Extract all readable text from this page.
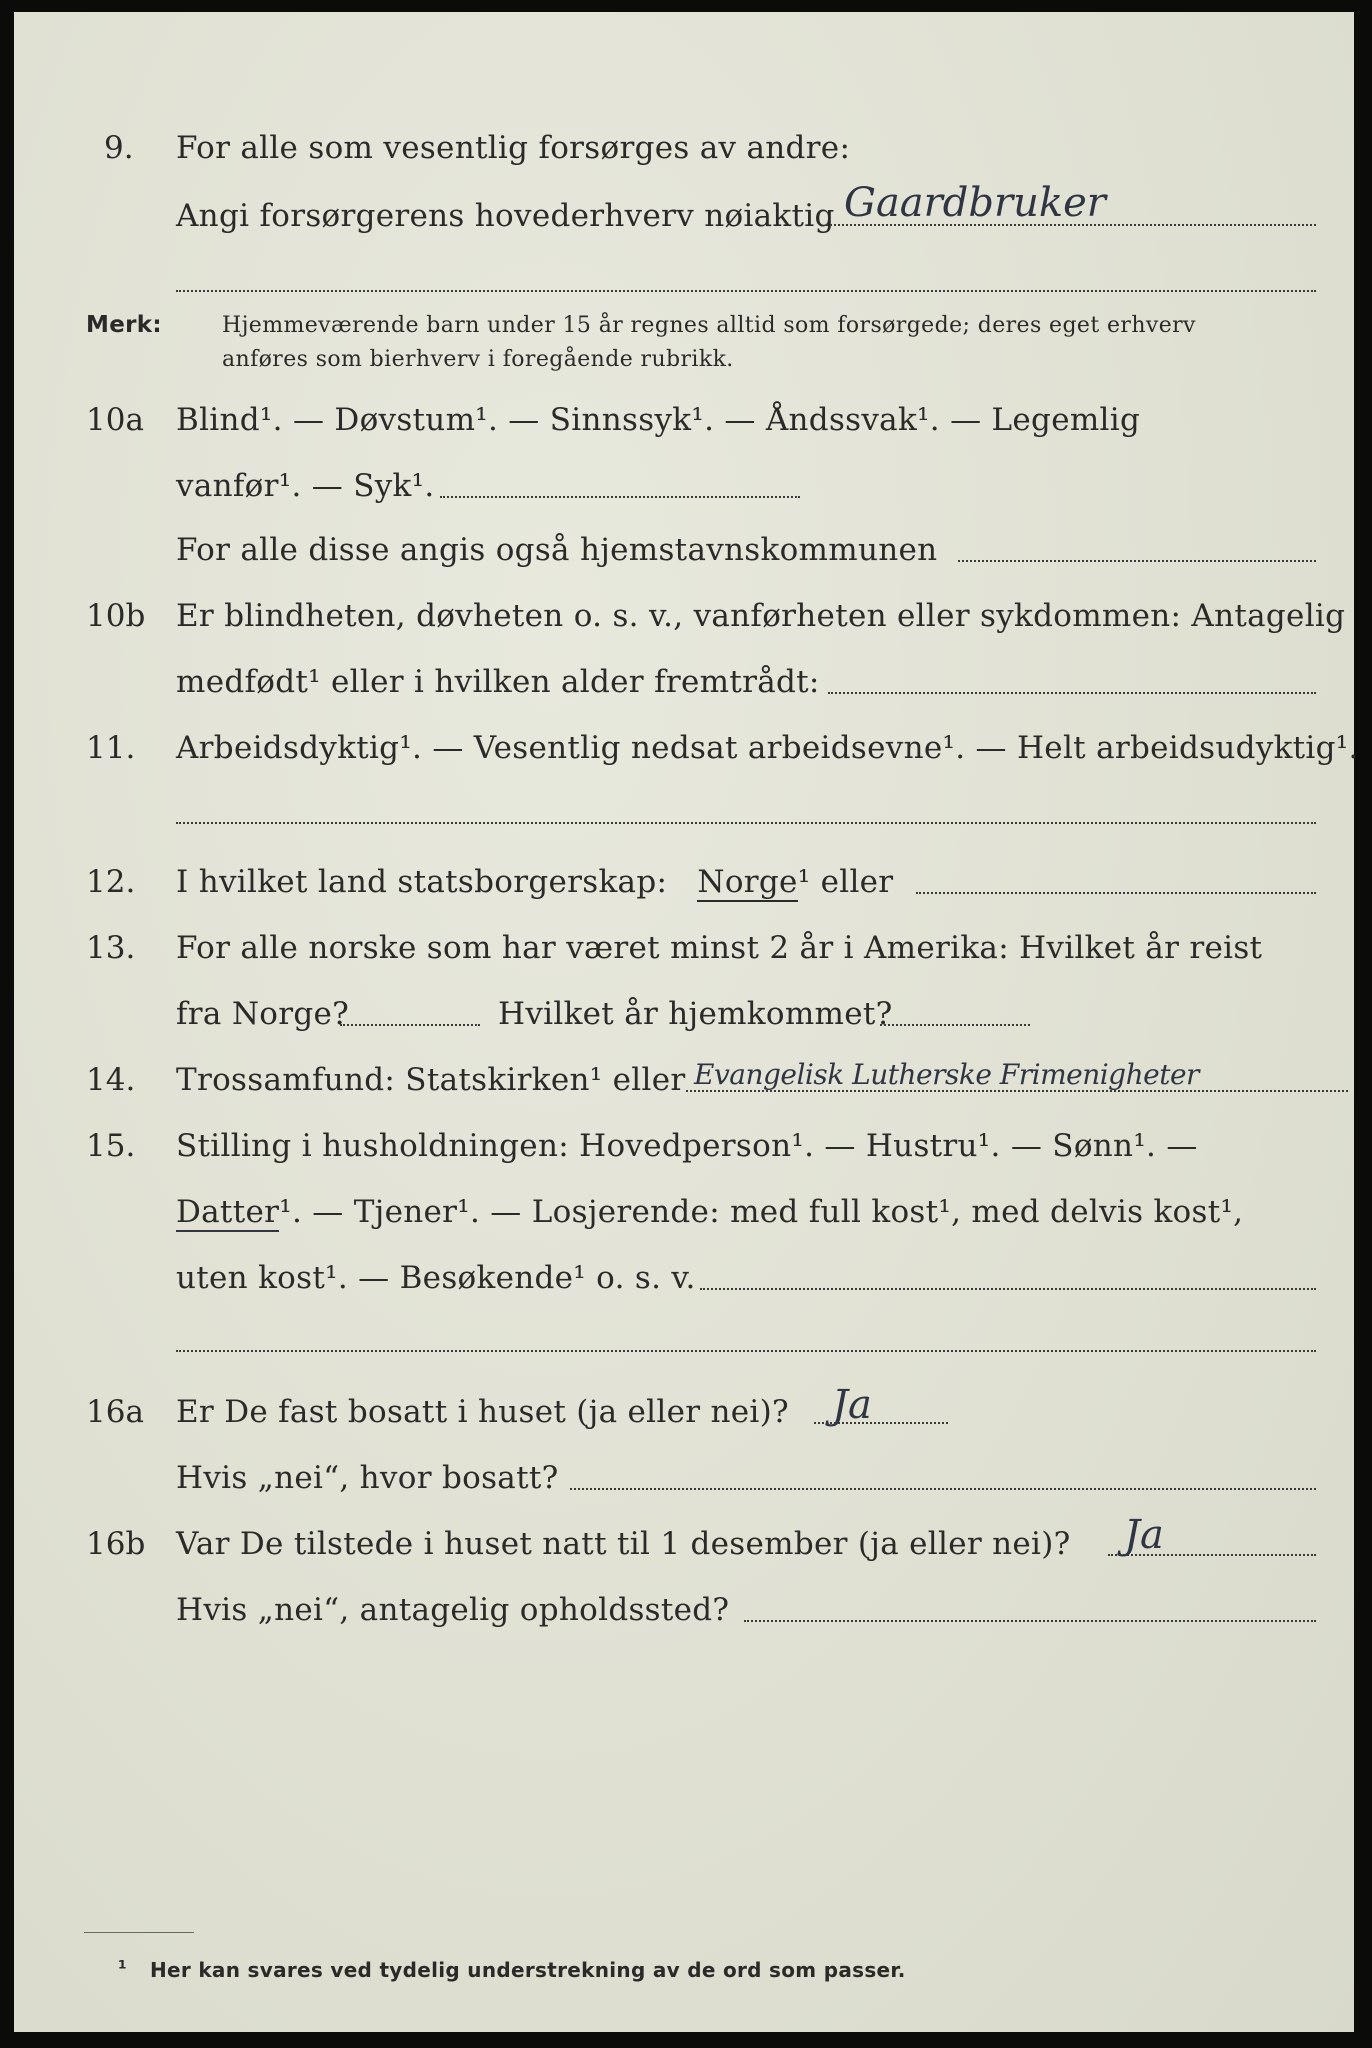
9. For alle som vesentlig forsørges av andre:
Angi forsørgerens hovederhverv nøiaktig Gaardbruker
Merk:	Hjemmeværende barn under 15 år regnes alltid som forsørgede; deres eget erhverv
anføres som bierhverv i foregående rubrikk.
10a Blind¹. — Døvstum¹. — Sinnssyk¹. — Åndssvak¹. — Legemlig
vanfør¹. — Syk¹.
For alle disse angis også hjemstavnskommunen
10b Er blindheten, døvheten o. s. v., vanførheten eller sykdommen: Antagelig
medfødt¹ eller i hvilken alder fremtrådt:
11. Arbeidsdyktig¹. — Vesentlig nedsat arbeidsevne¹. — Helt arbeidsudyktig¹.
12. I hvilket land statsborgerskap: Norge¹ eller
13. For alle norske som har været minst 2 år i Amerika: Hvilket år reist
fra Norge?	Hvilket år hjemkommet?
14. Trossamfund: Statskirken¹ eller Evangelisk Lutherske Frimenigheter
15. Stilling i husholdningen: Hovedperson¹. — Hustru¹. — Sønn¹. —
Datter¹. — Tjener¹. — Losjerende: med full kost¹, med delvis kost¹,
uten kost¹. — Besøkende¹ o. s. v.
16a Er De fast bosatt i huset (ja eller nei)? Ja
Hvis „nei“, hvor bosatt?
16b Var De tilstede i huset natt til 1 desember (ja eller nei)? Ja
Hvis „nei“, antagelig opholdssted?
¹ Her kan svares ved tydelig understrekning av de ord som passer.
